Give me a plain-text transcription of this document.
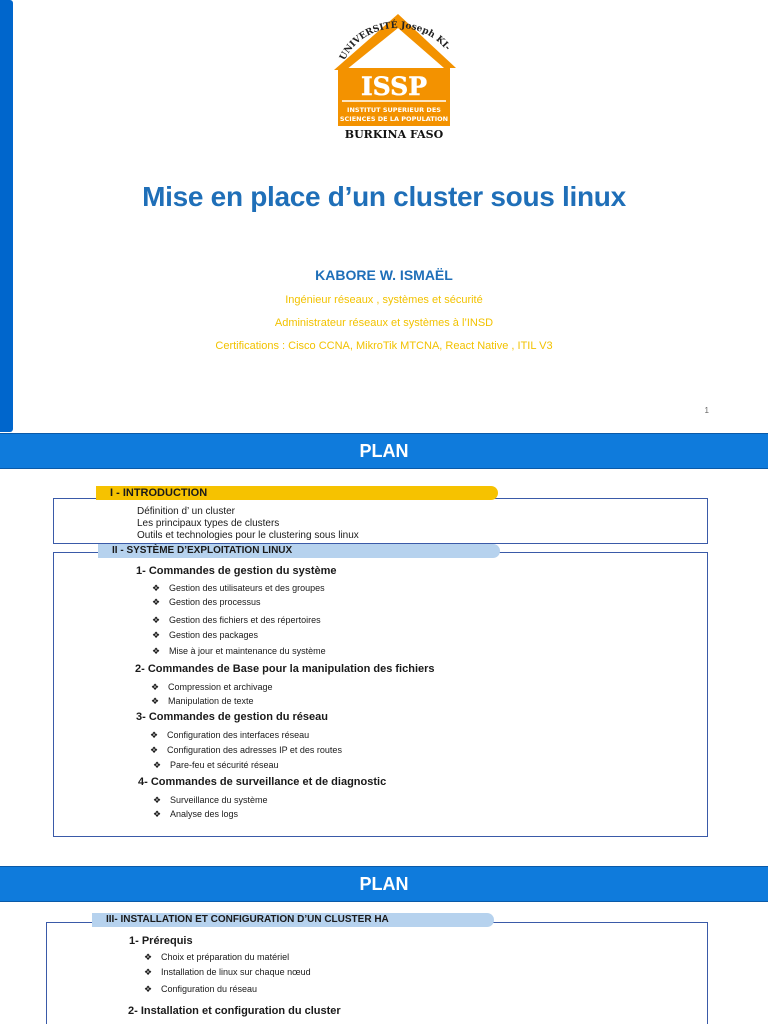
UNIVERSITÉ Joseph KI-
ISSP
INSTITUT SUPERIEUR DES
SCIENCES DE LA POPULATION
BURKINA FASO
Mise en place d’un cluster sous linux
KABORE W. ISMAËL
Ingénieur réseaux , systèmes et sécurité
Administrateur réseaux et systèmes à l’INSD
Certifications : Cisco CCNA, MikroTik MTCNA, React Native , ITIL V3
1
PLAN
I - INTRODUCTION
Définition d’ un cluster
Les principaux types de clusters
Outils et technologies pour le clustering sous linux
II - SYSTÈME D’EXPLOITATION LINUX
1- Commandes de gestion du système
❖ Gestion des utilisateurs et des groupes
❖ Gestion des processus
❖ Gestion des fichiers et des répertoires
❖ Gestion des packages
❖ Mise à jour et maintenance du système
2- Commandes de Base pour la manipulation des fichiers
❖ Compression et archivage
❖ Manipulation de texte
3- Commandes de gestion du réseau
❖ Configuration des interfaces réseau
❖ Configuration des adresses IP et des routes
❖ Pare-feu et sécurité réseau
4- Commandes de surveillance et de diagnostic
❖ Surveillance du système
❖ Analyse des logs
PLAN
III- INSTALLATION ET CONFIGURATION D’UN CLUSTER HA
1- Prérequis
❖ Choix et préparation du matériel
❖ Installation de linux sur chaque nœud
❖ Configuration du réseau
2- Installation et configuration du cluster
